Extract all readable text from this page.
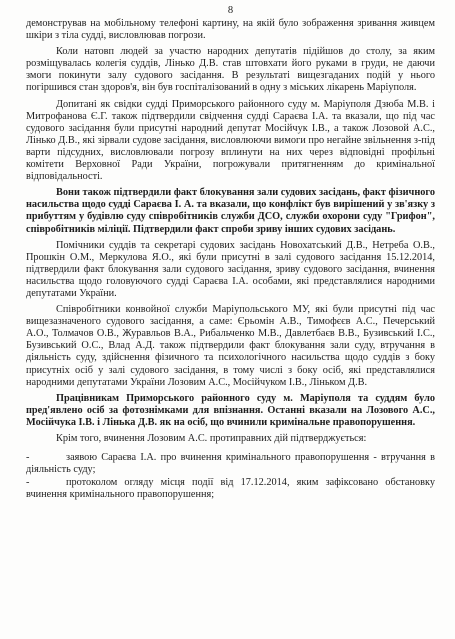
8

демонстрував на мобільному телефоні картину, на якій було зображення зривання живцем шкіри з тіла судді, висловлював погрози.

Коли натовп людей за участю народних депутатів підійшов до столу, за яким розміщувалась колегія суддів, Лінько Д.В. став штовхати його руками в груди, не даючи змоги покинути залу судового засідання. В результаті вищезгаданих подій у нього погіршився стан здоров'я, він був госпіталізований в одну з міських лікарень Маріуполя.

Допитані як свідки судді Приморського районного суду м. Маріуполя Дзюба М.В. і Митрофанова Є.Г. також підтвердили свідчення судді Сараєва І.А. та вказали, що під час судового засідання були присутні народний депутат Мосійчук І.В., а також Лозовой А.С., Лінько Д.В., які зірвали судове засідання, висловлюючи вимоги про негайне звільнення з-під варти підсудних, висловлювали погрозу вплинути на них через відповідні профільні комітети Верховної Ради України, погрожували притягненням до кримінальної відповідальності.

Вони також підтвердили факт блокування зали судових засідань, факт фізичного насильства щодо судді Сараєва І. А. та вказали, що конфлікт був вирішений у зв'язку з прибуттям у будівлю суду співробітників служби ДСО, служби охорони суду "Грифон", співробітників міліції. Підтвердили факт спроби зриву інших судових засідань.

Помічники суддів та секретарі судових засідань Новохатський Д.В., Нетреба О.В., Прошкін О.М., Меркулова Я.О., які були присутні в залі судового засідання 15.12.2014, підтвердили факт блокування зали судового засідання, зриву судового засідання, вчинення насильства щодо головуючого судді Сараєва І.А. особами, які представлялися народними депутатами України.

Співробітники конвойної служби Маріупольського МУ, які були присутні під час вищезазначеного судового засідання, а саме: Єрьомін А.В., Тимофєєв А.С., Печерський А.О., Толмачов О.В., Журавльов В.А., Рибальченко М.В., Давлетбаєв В.В., Бузивський І.С., Бузивський О.С., Влад А.Д. також підтвердили факт блокування зали суду, втручання в діяльність суду, здійснення фізичного та психологічного насильства щодо суддів з боку присутніх осіб у залі судового засідання, в тому числі з боку осіб, які представлялися народними депутатами України Лозовим А.С., Мосійчуком І.В., Ліньком Д.В.

Працівникам Приморського районного суду м. Маріуполя та суддям було пред'явлено осіб за фотознімками для впізнання. Останні вказали на Лозового А.С., Мосійчука І.В. і Лінька Д.В. як на осіб, що вчинили кримінальне правопорушення.

Крім того, вчинення Лозовим А.С. протиправних дій підтверджується:

-	заявою Сараєва І.А. про вчинення кримінального правопорушення - втручання в діяльність суду;

-	протоколом огляду місця події від 17.12.2014, яким зафіксовано обстановку вчинення кримінального правопорушення;
